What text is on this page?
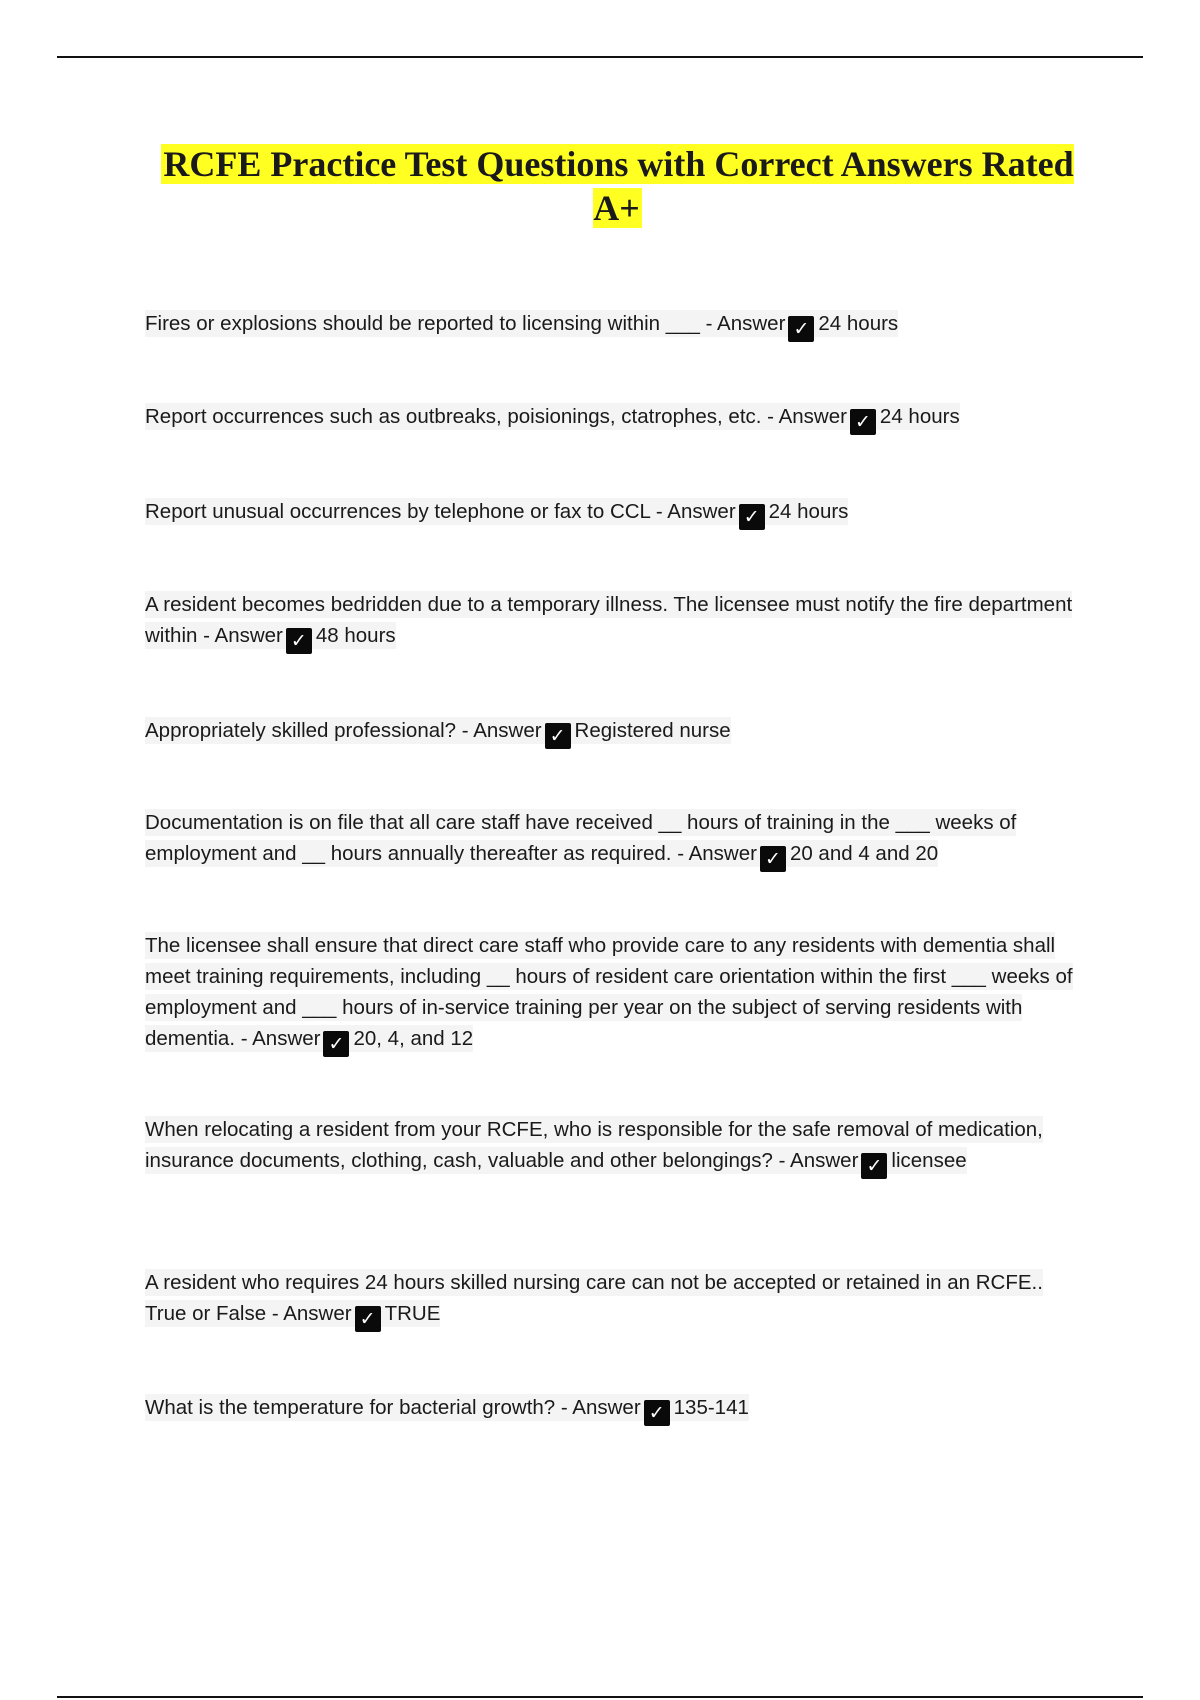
RCFE Practice Test Questions with Correct Answers Rated A+

Fires or explosions should be reported to licensing within ___ - Answer ✓ 24 hours

Report occurrences such as outbreaks, poisionings, ctatrophes, etc. - Answer ✓ 24 hours

Report unusual occurrences by telephone or fax to CCL - Answer ✓ 24 hours

A resident becomes bedridden due to a temporary illness. The licensee must notify the fire department within - Answer ✓ 48 hours

Appropriately skilled professional? - Answer ✓ Registered nurse

Documentation is on file that all care staff have received __ hours of training in the ___ weeks of employment and __ hours annually thereafter as required. - Answer ✓ 20 and 4 and 20

The licensee shall ensure that direct care staff who provide care to any residents with dementia shall meet training requirements, including __ hours of resident care orientation within the first ___ weeks of employment and ___ hours of in-service training per year on the subject of serving residents with dementia. - Answer ✓ 20, 4, and 12

When relocating a resident from your RCFE, who is responsible for the safe removal of medication, insurance documents, clothing, cash, valuable and other belongings? - Answer ✓ licensee

A resident who requires 24 hours skilled nursing care can not be accepted or retained in an RCFE.. True or False - Answer ✓ TRUE

What is the temperature for bacterial growth? - Answer ✓ 135-141
